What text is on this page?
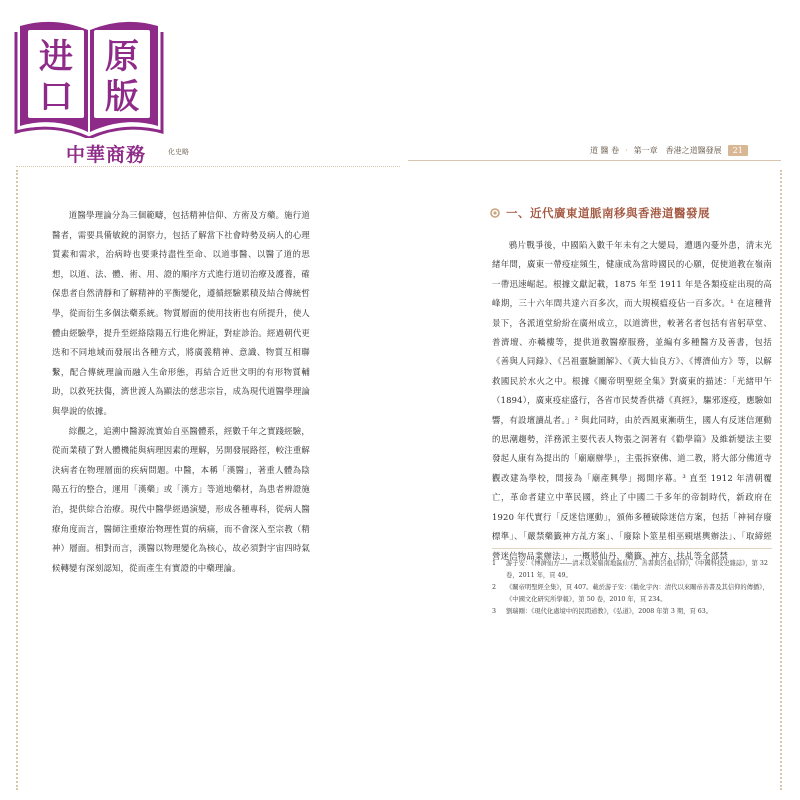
进 原
口 版
中華商務	化史略	道 醫 卷 · 第一章　香港之道醫發展	21

道醫學理論分為三個範疇，包括精神信仰、方術及方藥。施行道醫者，需要具備敏銳的洞察力，包括了解當下社會時勢及病人的心理質素和需求，治病時也要秉持盡性至命、以道事醫、以醫了道的思想，以道、法、體、術、用、證的順序方式進行道切治療及護養，確保患者自然清靜和了解精神的平衡變化，遵循經驗累積及結合傳統哲學，從而衍生多個法藥系統。物質層面的使用技術也有所提升，使人體由經驗學，提升至經絡陰陽五行進化辨証，對症診治。經過朝代更迭和不同地域而發展出各種方式，將廣義精神、意識、物質互相聯繫，配合傳統理論而融入生命形態，再結合近世文明的有形物質輔助，以救死扶傷，濟世渡人為顯法的慈悲宗旨，成為現代道醫學理論與學說的依據。

綜觀之，追溯中醫源流實始自巫醫體系，經數千年之實踐經驗，從而業積了對人體機能與病理因素的理解，另開發展路徑，較注重解決病者在物理層面的疾病問題。中醫，本稱「漢醫」，著重人體為陰陽五行的整合，運用「漢藥」或「漢方」等道地藥材，為患者辨證施治，提供綜合治療。現代中醫學經過演變，形成各種專科，從病人醫療角度而言，醫師注重療治物理性質的病痛，而不會深入至宗教（精神）層面。相對而言，漢醫以物理變化為核心，故必須對宇宙四時氣候轉變有深刻認知，從而產生有實證的中藥理論。

一、近代廣東道脈南移與香港道醫發展

鴉片戰爭後，中國陷入數千年未有之大變局，遭遇內憂外患，清末光緒年間，廣東一帶疫症頻生，健康成為當時國民的心願，促使道教在嶺南一帶迅速崛起。根據文獻記載，1875 年至 1911 年是各類疫症出現的高峰期，三十六年間共達六百多次，而大規模瘟疫佔一百多次。¹ 在這種背景下，各派道堂紛紛在廣州成立，以道濟世，較著名者包括有省躬草堂、普濟壇、亦轎樓等，提供道教醫療服務，並編有多種醫方及善書，包括《善與人同錄》、《呂祖靈驗圖解》、《黃大仙良方》、《博濟仙方》等，以解救國民於水火之中。根據《關帝明聖經全集》對廣東的描述：「光緒甲午（1894），廣東疫症盛行，各省市民焚香供禱《真經》，驅邪逐疫，應驗如響，有設壇讀乩者。」² 與此同時，由於西風東漸萌生，國人有反迷信運動的思潮趨勢，洋務派主要代表人物張之洞著有《勸學篇》及維新變法主要發起人康有為提出的「廟廟辦學」，主張拆寮佛、道二教，將大部分佛道寺觀改建為學校，間接為「廟產興學」揭開序幕。³ 直至 1912 年清朝覆亡，革命者建立中華民國，終止了中國二千多年的帝制時代，新政府在 1920 年代實行「反迷信運動」，頒佈多種破除迷信方案，包括「神祠存廢標準」、「嚴禁藥籤神方乩方案」、「廢除卜筮星相巫覡堪輿辦法」、「取締經營迷信物品業辦法」，一概將仙丹、藥籤、神方、扶乩等全部禁

1	游子安：《博濟仙方——清末以來嶺南地區仙方、善書與呂祖信仰》，《中國科技史雜誌》，第 32 卷，2011 年，頁 49。
2	《關帝明聖經全集》，頁 407。載於游子安：《勸化宇內：清代以來關帝善書及其信仰的傳播》，《中國文化研究所學報》，第 50 卷，2010 年，頁 234。
3	劉瑞剛：《現代化處境中的民間道教》，《弘道》，2008 年第 3 期，頁 63。
